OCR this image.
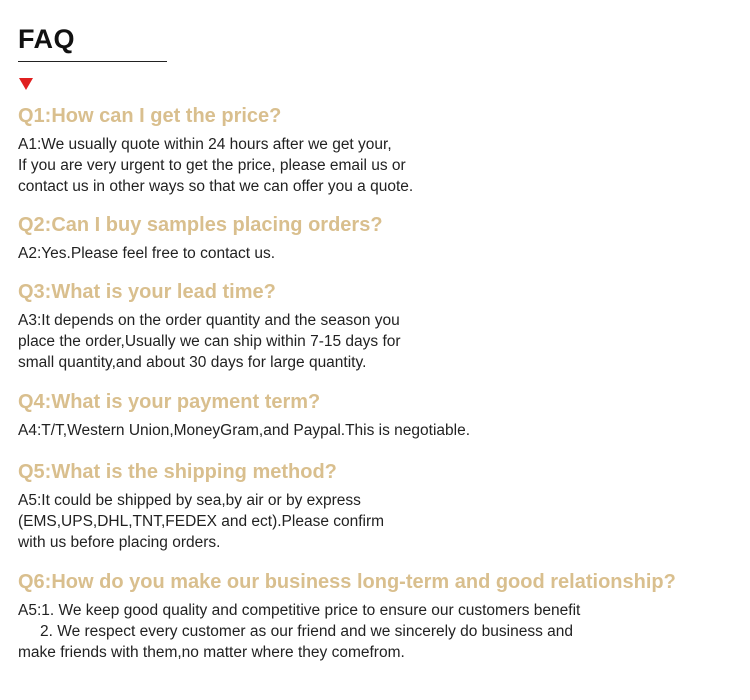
FAQ

Q1:How can I get the price?

A1:We usually quote within 24 hours after we get your,
If you are very urgent to get the price, please email us or
contact us in other ways so that we can offer you a quote.

Q2:Can I buy samples placing orders?

A2:Yes.Please feel free to contact us.

Q3:What is your lead time?

A3:It depends on the order quantity and the season you
place the order,Usually we can ship within 7-15 days for
small quantity,and about 30 days for large quantity.

Q4:What is your payment term?

A4:T/T,Western Union,MoneyGram,and Paypal.This is negotiable.

Q5:What is the shipping method?

A5:It could be shipped by sea,by air or by express
(EMS,UPS,DHL,TNT,FEDEX and ect).Please confirm
with us before placing orders.

Q6:How do you make our business long-term and good relationship?

A5:1. We keep good quality and competitive price to ensure our customers benefit
2. We respect every customer as our friend and we sincerely do business and
make friends with them,no matter where they comefrom.
